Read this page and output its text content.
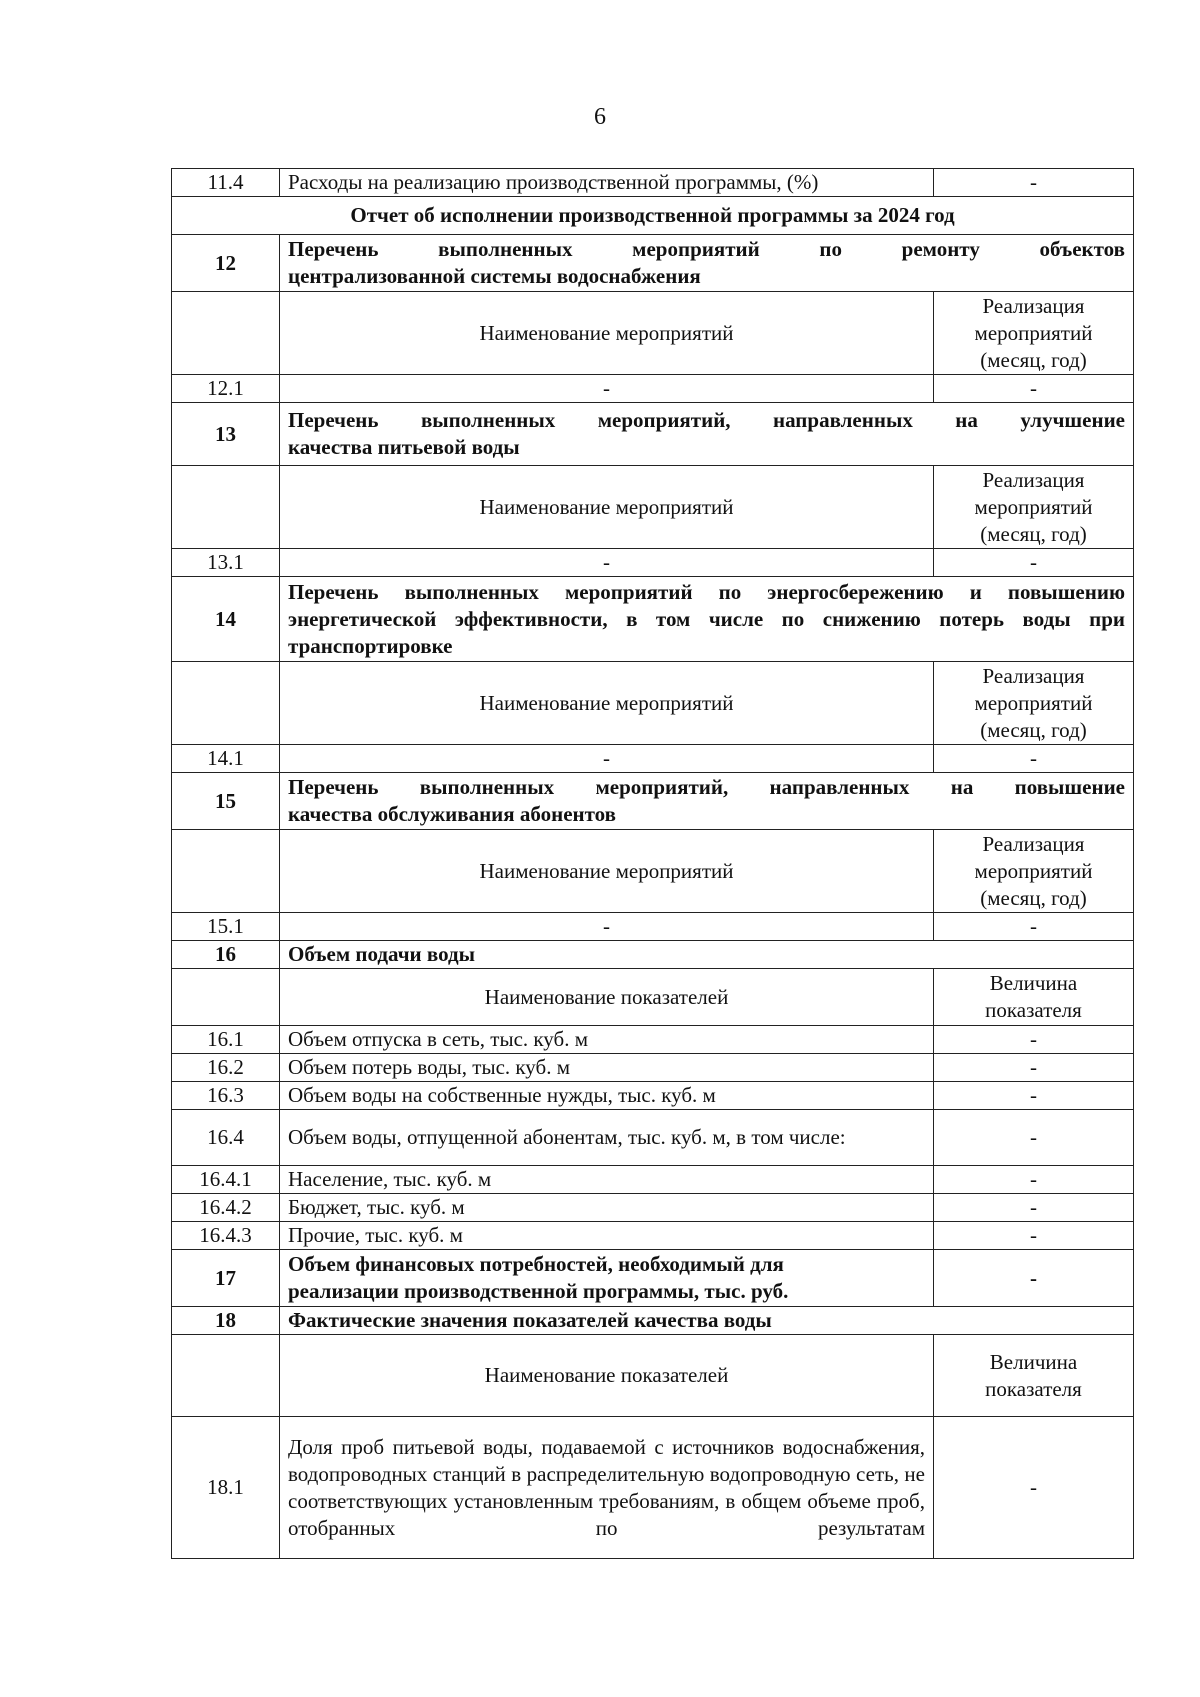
6
11.4	Расходы на реализацию производственной программы, (%)	-
Отчет об исполнении производственной программы за 2024 год		
12	Перечень выполненных мероприятий по ремонту объектов
централизованной системы водоснабжения	

	Наименование мероприятий	Реализация мероприятий (месяц, год)
12.1	-	-
13	Перечень выполненных мероприятий, направленных на улучшение
качества питьевой воды	

	Наименование мероприятий	Реализация мероприятий (месяц, год)
13.1	-	-
14	Перечень выполненных мероприятий по энергосбережению и повышению
энергетической эффективности, в том числе по снижению потерь воды при
транспортировке	

	Наименование мероприятий	Реализация мероприятий (месяц, год)
14.1	-	-
15	Перечень выполненных мероприятий, направленных на повышение
качества обслуживания абонентов	

	Наименование мероприятий	Реализация мероприятий (месяц, год)
15.1	-	-
16	Объем подачи воды	
	Наименование показателей	Величина показателя
16.1	Объем отпуска в сеть, тыс. куб. м	-
16.2	Объем потерь воды, тыс. куб. м	-
16.3	Объем воды на собственные нужды, тыс. куб. м	-
16.4	Объем воды, отпущенной абонентам, тыс. куб. м, в том числе:	-
16.4.1	Население, тыс. куб. м	-
16.4.2	Бюджет, тыс. куб. м	-
16.4.3	Прочие, тыс. куб. м	-
17	Объем финансовых потребностей, необходимый для реализации производственной программы, тыс. руб.	-
18	Фактические значения показателей качества воды	
	Наименование показателей	Величина показателя
18.1	Доля проб питьевой воды, подаваемой с источников водоснабжения, водопроводных станций в распределительную водопроводную сеть, не соответствующих установленным требованиям, в общем объеме проб, отобранных по результатам	-
